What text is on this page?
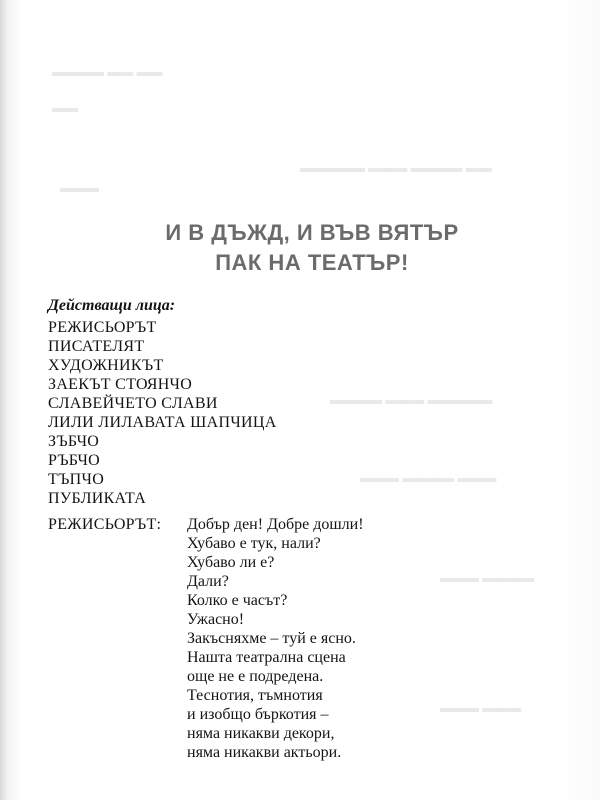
▬▬▬▬ ▬▬ ▬▬
▬▬
▬▬▬▬▬ ▬▬▬ ▬▬▬▬ ▬▬
▬▬▬
▬▬▬▬ ▬▬▬ ▬▬▬▬▬
▬▬▬ ▬▬▬▬ ▬▬▬
▬▬▬ ▬▬▬▬
▬▬▬ ▬▬▬
И В ДЪЖД, И ВЪВ ВЯТЪР
ПАК НА ТЕАТЪР!
Действащи лица:
РЕЖИСЬОРЪТ
ПИСАТЕЛЯТ
ХУДОЖНИКЪТ
ЗАЕКЪТ СТОЯНЧО
СЛАВЕЙЧЕТО СЛАВИ
ЛИЛИ ЛИЛАВАТА ШАПЧИЦА
ЗЪБЧО
РЪБЧО
ТЪПЧО
ПУБЛИКАТА
РЕЖИСЬОРЪТ: Добър ден! Добре дошли!
Хубаво е тук, нали?
Хубаво ли е?
Дали?
Колко е часът?
Ужасно!
Закъсняхме – туй е ясно.
Нашта театрална сцена
още не е подредена.
Теснотия, тъмнотия
и изобщо бъркотия –
няма никакви декори,
няма никакви актьори.
